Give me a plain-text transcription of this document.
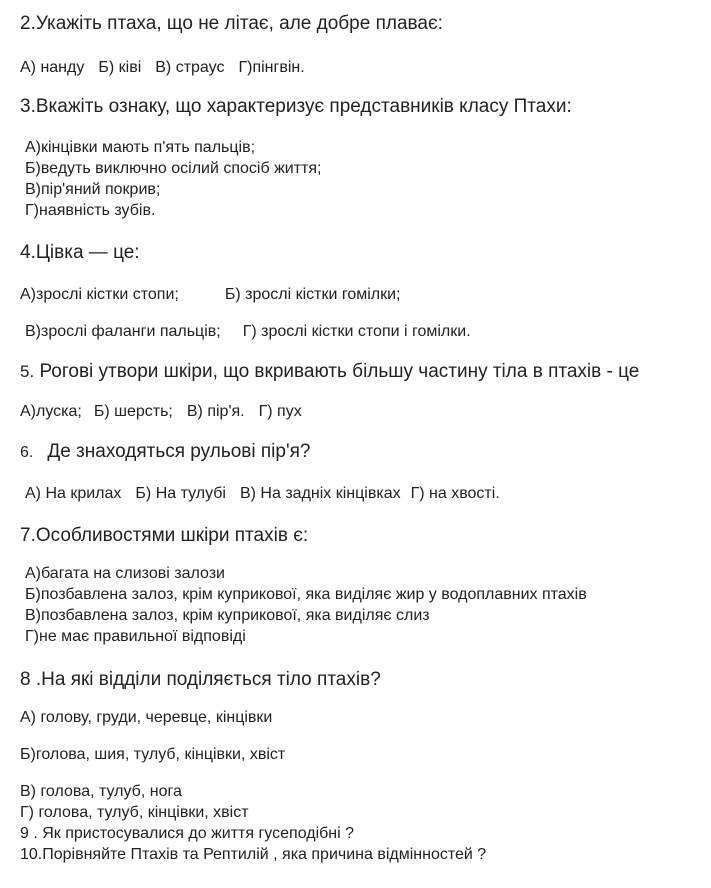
2.Укажіть птаха, що не літає, але добре плаває:
А) нанду Б) ківі В) страус Г)пінгвін.
3.Вкажіть ознаку, що характеризує представників класу Птахи:
А)кінцівки мають п'ять пальців;
Б)ведуть виключно осілий спосіб життя;
В)пір'яний покрив;
Г)наявність зубів.
4.Цівка — це:
А)зрослі кістки стопи;	Б) зрослі кістки гомілки;
В)зрослі фаланги пальців; Г) зрослі кістки стопи і гомілки.
5. Рогові утвори шкіри, що вкривають більшу частину тіла в птахів - це
А)луска; Б) шерсть; В) пір'я. Г) пух
6. Де знаходяться рульові пір'я?
А) На крилах Б) На тулубі В) На задніх кінцівках Г) на хвості.
7.Особливостями шкіри птахів є:
А)багата на слизові залози
Б)позбавлена залоз, крім куприкової, яка виділяє жир у водоплавних птахів
В)позбавлена залоз, крім куприкової, яка виділяє слиз
Г)не має правильної відповіді
8 .На які відділи поділяється тіло птахів?
А) голову, груди, черевце, кінцівки
Б)голова, шия, тулуб, кінцівки, хвіст
В) голова, тулуб, нога
Г) голова, тулуб, кінцівки, хвіст
9 . Як пристосувалися до життя гусеподібні ?
10.Порівняйте Птахів та Рептилій , яка причина відмінностей ?
